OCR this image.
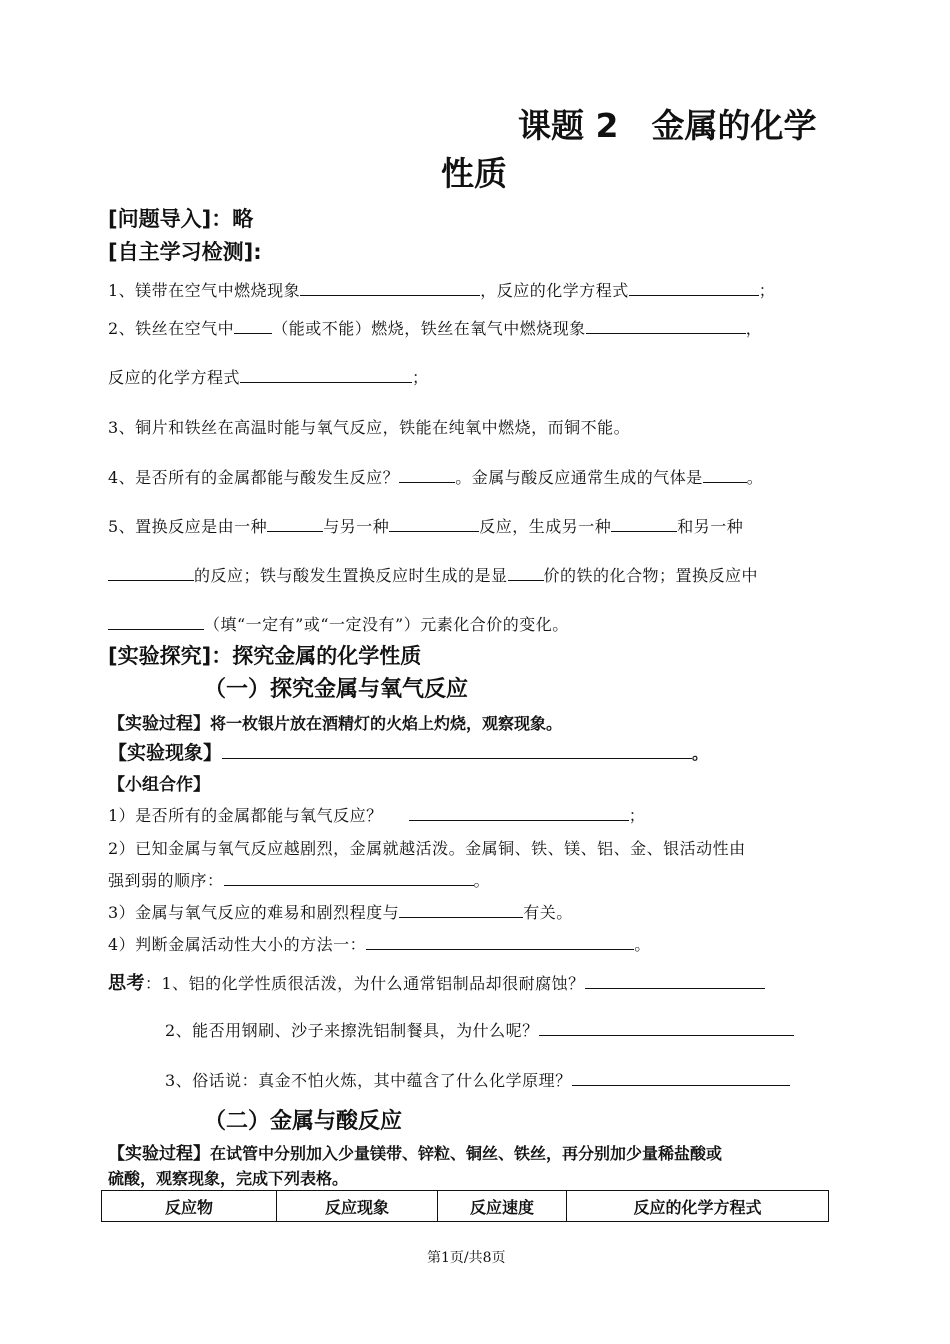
课题 2　金属的化学
性质
[问题导入]：略
[自主学习检测]:
1、镁带在空气中燃烧现象	，反应的化学方程式	；
2、铁丝在空气中 （能或不能）燃烧，铁丝在氧气中燃烧现象	，
反应的化学方程式	；
3、铜片和铁丝在高温时能与氧气反应，铁能在纯氧中燃烧，而铜不能。
4、是否所有的金属都能与酸发生反应？	。金属与酸反应通常生成的气体是	。
5、置换反应是由一种	与另一种	反应，生成另一种	和另一种
的反应；铁与酸发生置换反应时生成的是显 价的铁的化合物；置换反应中
（填“一定有”或“一定没有”）元素化合价的变化。
[实验探究]：探究金属的化学性质
（一）探究金属与氧气反应
【实验过程】将一枚银片放在酒精灯的火焰上灼烧，观察现象。
【实验现象】	。
【小组合作】
1）是否所有的金属都能与氧气反应？	；
2）已知金属与氧气反应越剧烈，金属就越活泼。金属铜、铁、镁、铝、金、银活动性由
强到弱的顺序：	。
3）金属与氧气反应的难易和剧烈程度与	有关。
4）判断金属活动性大小的方法一：	。
思考：1、铝的化学性质很活泼，为什么通常铝制品却很耐腐蚀？
2、能否用钢刷、沙子来擦洗铝制餐具，为什么呢？
3、俗话说：真金不怕火炼，其中蕴含了什么化学原理？
（二）金属与酸反应
【实验过程】在试管中分别加入少量镁带、锌粒、铜丝、铁丝，再分别加少量稀盐酸或
硫酸，观察现象，完成下列表格。
反应物	反应现象	反应速度	反应的化学方程式
第1页/共8页
